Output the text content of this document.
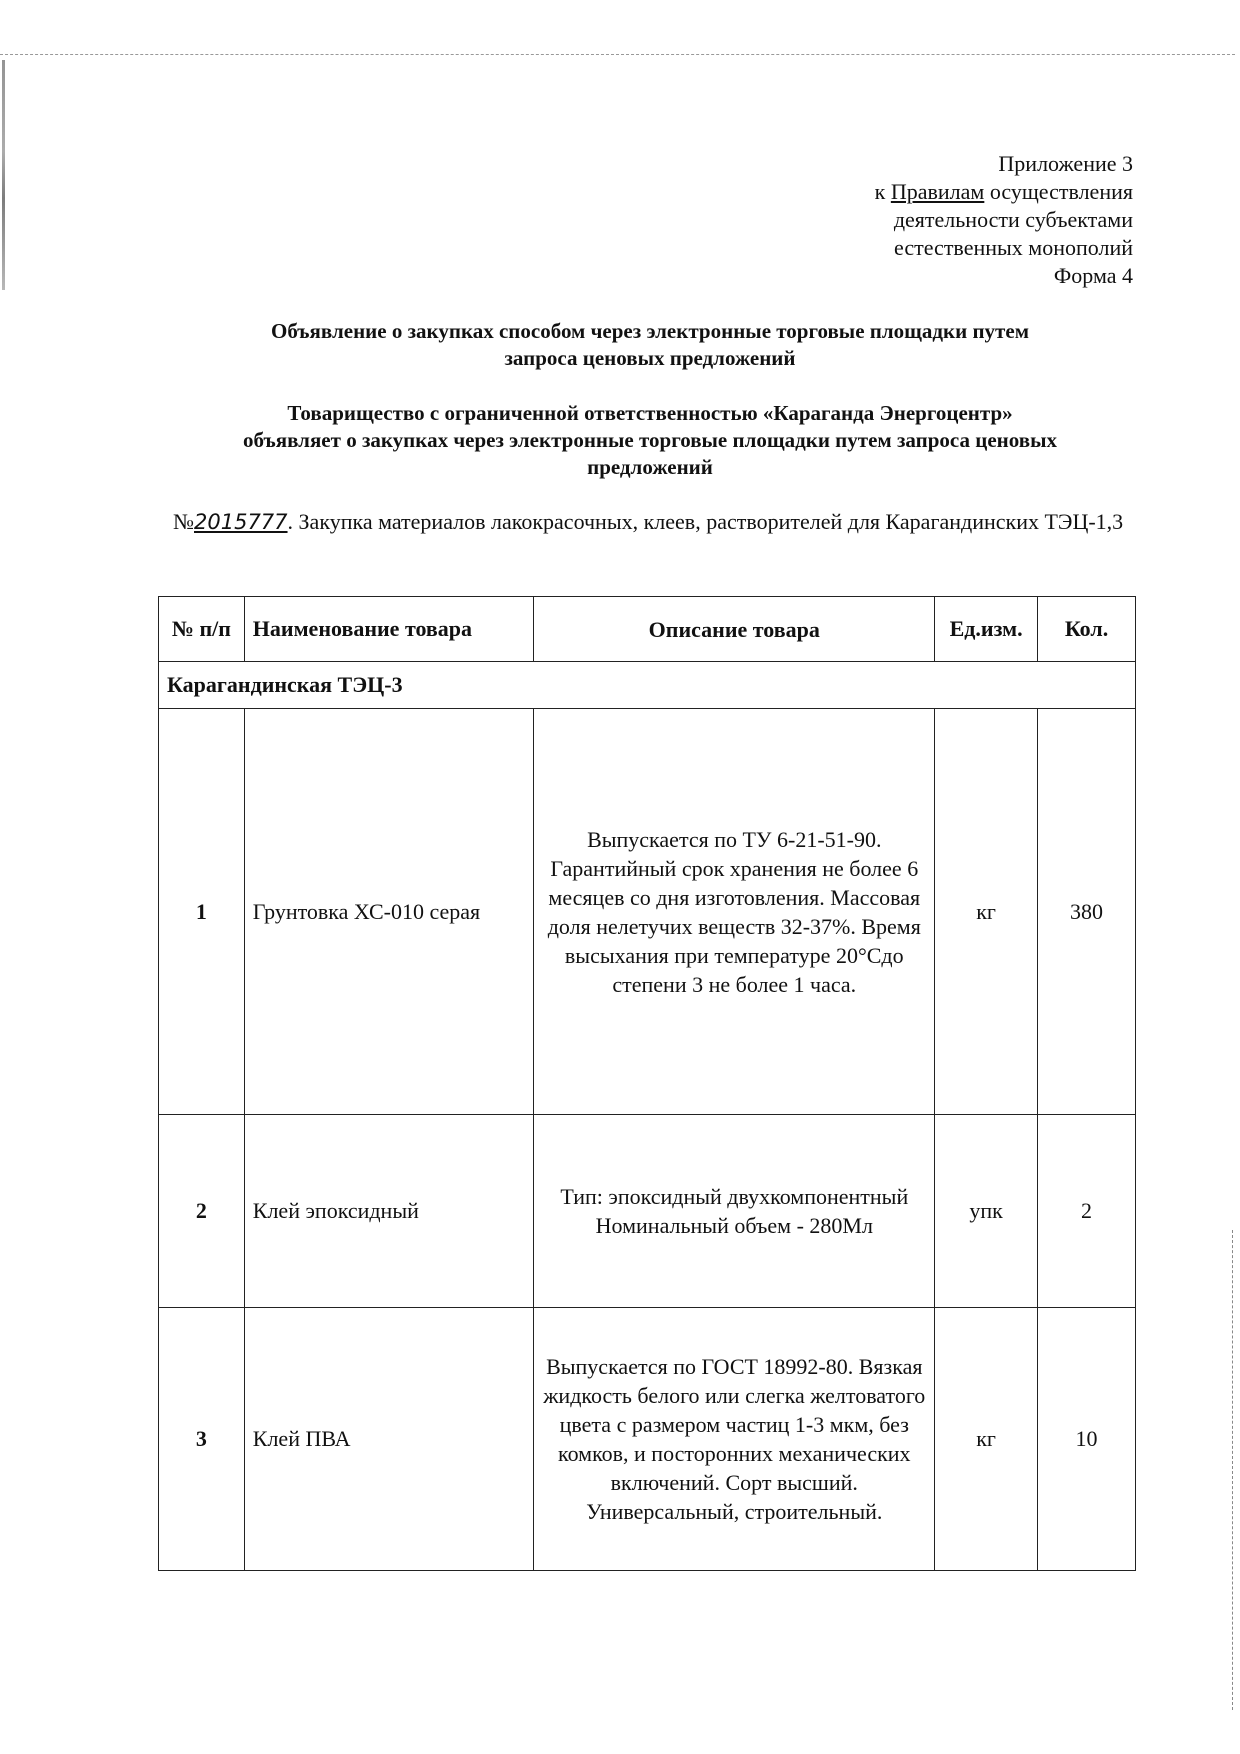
Приложение 3
к Правилам осуществления
деятельности субъектами
естественных монополий
Форма 4
Объявление о закупках способом через электронные торговые площадки путем
запроса ценовых предложений
Товарищество с ограниченной ответственностью «Караганда Энергоцентр»
объявляет о закупках через электронные торговые площадки путем запроса ценовых
предложений
№2015777. Закупка материалов лакокрасочных, клеев, растворителей для Карагандинских ТЭЦ-1,3
№ п/п	Наименование товара	Описание товара	Ед.изм.	Кол.
Карагандинская ТЭЦ-3				
1	Грунтовка ХС-010 серая	Выпускается по ТУ 6-21-51-90. Гарантийный срок хранения не более 6 месяцев со дня изготовления. Массовая доля нелетучих веществ 32-37%. Время высыхания при температуре 20°Сдо степени 3 не более 1 часа.	кг	380
2	Клей эпоксидный	Тип: эпоксидный двухкомпонентный Номинальный объем - 280Мл	упк	2
3	Клей ПВА	Выпускается по ГОСТ 18992-80. Вязкая жидкость белого или слегка желтоватого цвета с размером частиц 1-3 мкм, без комков, и посторонних механических включений. Сорт высший. Универсальный, строительный.	кг	10
